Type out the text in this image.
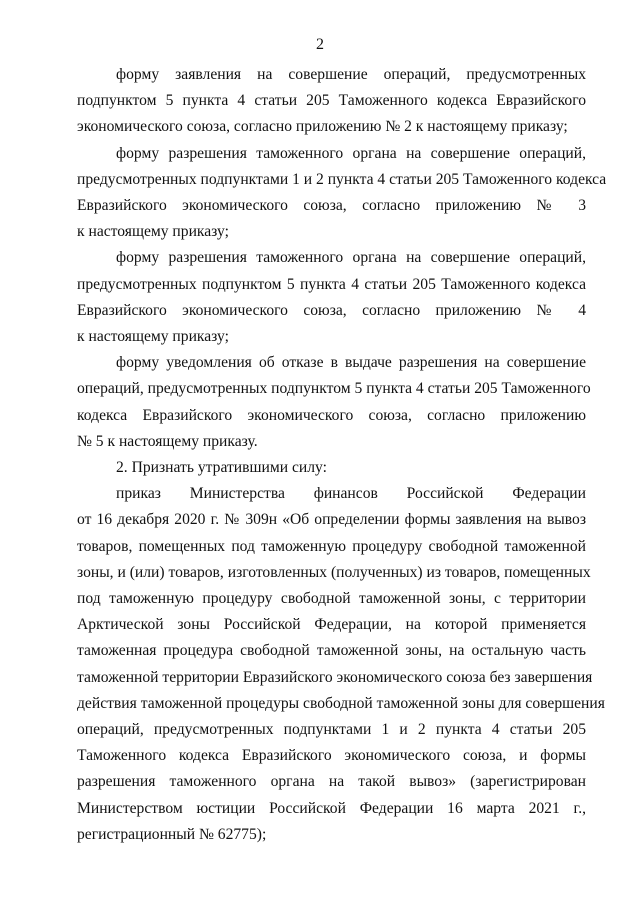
2
форму заявления на совершение операций, предусмотренных
подпунктом 5 пункта 4 статьи 205 Таможенного кодекса Евразийского
экономического союза, согласно приложению № 2 к настоящему приказу;
форму разрешения таможенного органа на совершение операций,
предусмотренных подпунктами 1 и 2 пункта 4 статьи 205 Таможенного кодекса
Евразийского экономического союза, согласно приложению № 3
к настоящему приказу;
форму разрешения таможенного органа на совершение операций,
предусмотренных подпунктом 5 пункта 4 статьи 205 Таможенного кодекса
Евразийского экономического союза, согласно приложению № 4
к настоящему приказу;
форму уведомления об отказе в выдаче разрешения на совершение
операций, предусмотренных подпунктом 5 пункта 4 статьи 205 Таможенного
кодекса Евразийского экономического союза, согласно приложению
№ 5 к настоящему приказу.
2. Признать утратившими силу:
приказ Министерства финансов Российской Федерации
от 16 декабря 2020 г. № 309н «Об определении формы заявления на вывоз
товаров, помещенных под таможенную процедуру свободной таможенной
зоны, и (или) товаров, изготовленных (полученных) из товаров, помещенных
под таможенную процедуру свободной таможенной зоны, с территории
Арктической зоны Российской Федерации, на которой применяется
таможенная процедура свободной таможенной зоны, на остальную часть
таможенной территории Евразийского экономического союза без завершения
действия таможенной процедуры свободной таможенной зоны для совершения
операций, предусмотренных подпунктами 1 и 2 пункта 4 статьи 205
Таможенного кодекса Евразийского экономического союза, и формы
разрешения таможенного органа на такой вывоз» (зарегистрирован
Министерством юстиции Российской Федерации 16 марта 2021 г.,
регистрационный № 62775);
